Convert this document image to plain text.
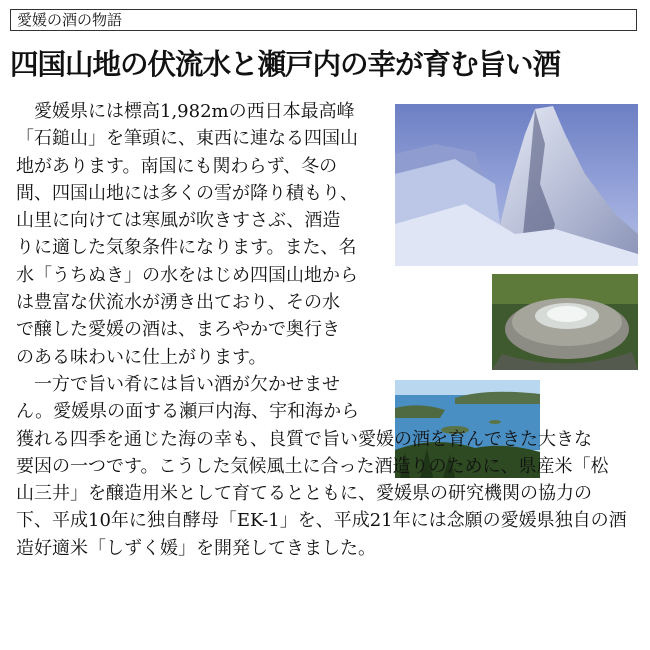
愛媛の酒の物語
四国山地の伏流水と瀬戸内の幸が育む旨い酒
　愛媛県には標高1,982mの西日本最高峰
「石鎚山」を筆頭に、東西に連なる四国山
地があります。南国にも関わらず、冬の
間、四国山地には多くの雪が降り積もり、
山里に向けては寒風が吹きすさぶ、酒造
りに適した気象条件になります。また、名
水「うちぬき」の水をはじめ四国山地から
は豊富な伏流水が湧き出ており、その水
で醸した愛媛の酒は、まろやかで奥行き
のある味わいに仕上がります。
　一方で旨い肴には旨い酒が欠かせませ
ん。愛媛県の面する瀬戸内海、宇和海から
獲れる四季を通じた海の幸も、良質で旨い愛媛の酒を育んできた大きな
要因の一つです。こうした気候風土に合った酒造りのために、県産米「松
山三井」を醸造用米として育てるとともに、愛媛県の研究機関の協力の
下、平成10年に独自酵母「EK-1」を、平成21年には念願の愛媛県独自の酒
造好適米「しずく媛」を開発してきました。
